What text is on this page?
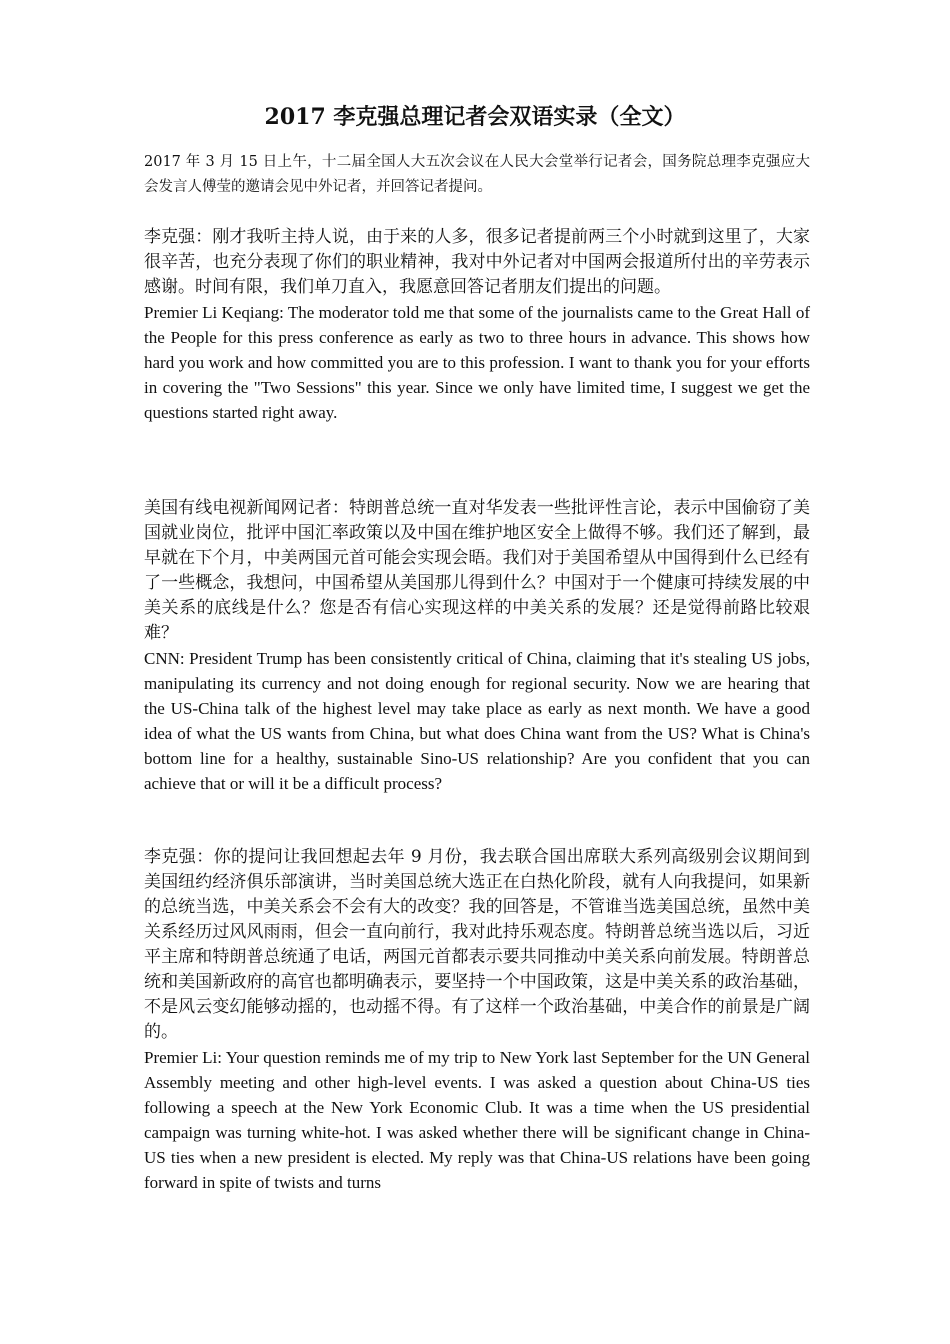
2017 李克强总理记者会双语实录（全文）

2017 年 3 月 15 日上午，十二届全国人大五次会议在人民大会堂举行记者会，国务院总理李克强应大会发言人傅莹的邀请会见中外记者，并回答记者提问。

李克强：刚才我听主持人说，由于来的人多，很多记者提前两三个小时就到这里了，大家很辛苦，也充分表现了你们的职业精神，我对中外记者对中国两会报道所付出的辛劳表示感谢。时间有限，我们单刀直入，我愿意回答记者朋友们提出的问题。

Premier Li Keqiang: The moderator told me that some of the journalists came to the Great Hall of the People for this press conference as early as two to three hours in advance. This shows how hard you work and how committed you are to this profession. I want to thank you for your efforts in covering the "Two Sessions" this year. Since we only have limited time, I suggest we get the questions started right away.

美国有线电视新闻网记者：特朗普总统一直对华发表一些批评性言论，表示中国偷窃了美国就业岗位，批评中国汇率政策以及中国在维护地区安全上做得不够。我们还了解到，最早就在下个月，中美两国元首可能会实现会晤。我们对于美国希望从中国得到什么已经有了一些概念，我想问，中国希望从美国那儿得到什么？中国对于一个健康可持续发展的中美关系的底线是什么？您是否有信心实现这样的中美关系的发展？还是觉得前路比较艰难？

CNN: President Trump has been consistently critical of China, claiming that it's stealing US jobs, manipulating its currency and not doing enough for regional security. Now we are hearing that the US-China talk of the highest level may take place as early as next month. We have a good idea of what the US wants from China, but what does China want from the US? What is China's bottom line for a healthy, sustainable Sino-US relationship? Are you confident that you can achieve that or will it be a difficult process?

李克强：你的提问让我回想起去年 9 月份，我去联合国出席联大系列高级别会议期间到美国纽约经济俱乐部演讲，当时美国总统大选正在白热化阶段，就有人向我提问，如果新的总统当选，中美关系会不会有大的改变？我的回答是，不管谁当选美国总统，虽然中美关系经历过风风雨雨，但会一直向前行，我对此持乐观态度。特朗普总统当选以后，习近平主席和特朗普总统通了电话，两国元首都表示要共同推动中美关系向前发展。特朗普总统和美国新政府的高官也都明确表示，要坚持一个中国政策，这是中美关系的政治基础，不是风云变幻能够动摇的，也动摇不得。有了这样一个政治基础，中美合作的前景是广阔的。

Premier Li: Your question reminds me of my trip to New York last September for the UN General Assembly meeting and other high-level events. I was asked a question about China-US ties following a speech at the New York Economic Club. It was a time when the US presidential campaign was turning white-hot. I was asked whether there will be significant change in China-US ties when a new president is elected. My reply was that China-US relations have been going forward in spite of twists and turns
